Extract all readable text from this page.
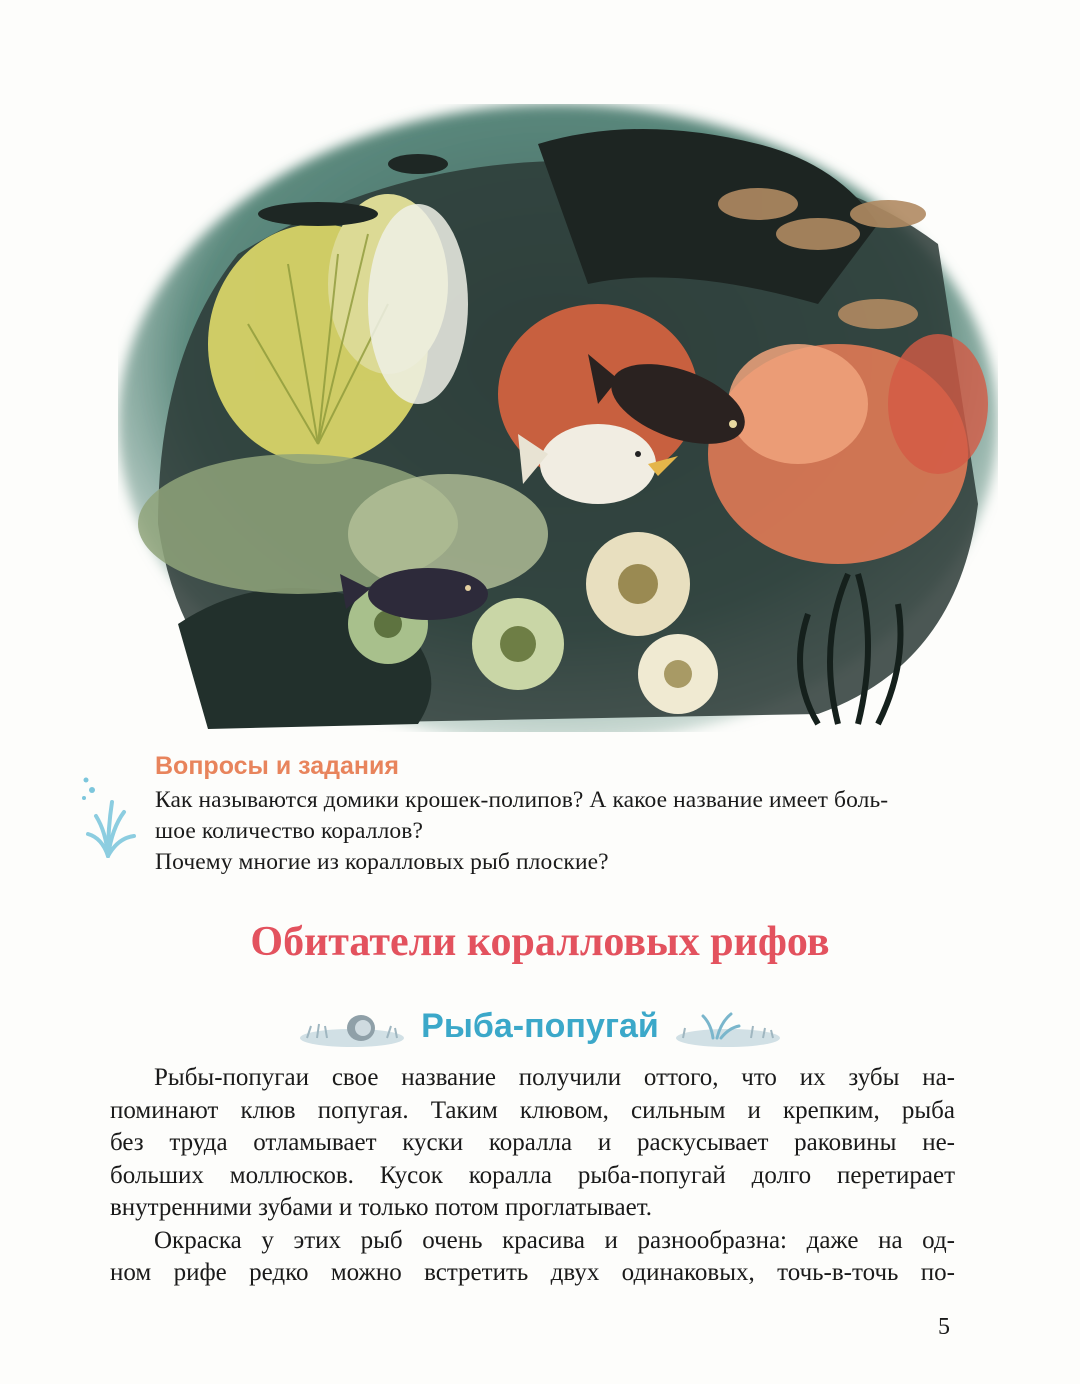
Вопросы и задания
Как называются домики крошек-полипов? А какое название имеет боль-
шое количество кораллов?
Почему многие из коралловых рыб плоские?
Обитатели коралловых рифов
Рыба-попугай
Рыбы-попугаи свое название получили оттого, что их зубы на-
поминают клюв попугая. Таким клювом, сильным и крепким, рыба
без труда отламывает куски коралла и раскусывает раковины не-
больших моллюсков. Кусок коралла рыба-попугай долго перетирает
внутренними зубами и только потом проглатывает.
Окраска у этих рыб очень красива и разнообразна: даже на од-
ном рифе редко можно встретить двух одинаковых, точь-в-точь по-
5
